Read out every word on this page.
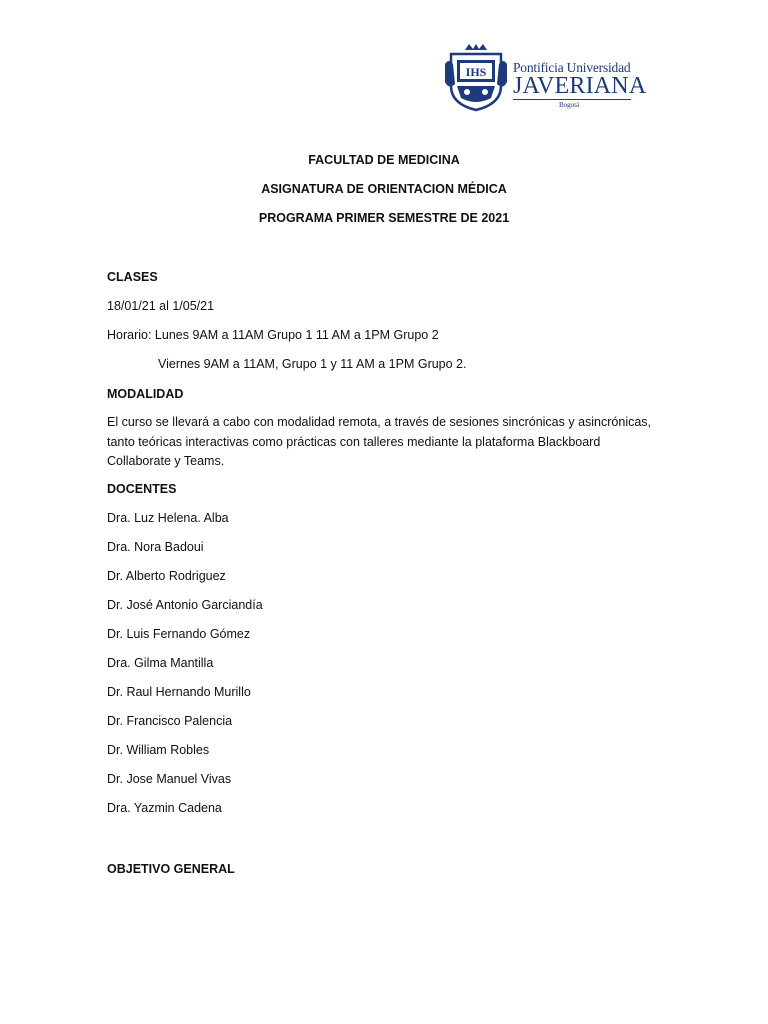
IHS Pontificia Universidad
JAVERIANA
Bogotá
FACULTAD DE MEDICINA
ASIGNATURA DE ORIENTACION MÉDICA
PROGRAMA PRIMER SEMESTRE DE 2021
CLASES
18/01/21 al 1/05/21
Horario: Lunes 9AM a 11AM Grupo 1 11 AM a 1PM Grupo 2
Viernes 9AM a 11AM, Grupo 1 y 11 AM a 1PM Grupo 2.
MODALIDAD
El curso se llevará a cabo con modalidad remota, a través de sesiones sincrónicas y asincrónicas, tanto teóricas interactivas como prácticas con talleres mediante la plataforma Blackboard Collaborate y Teams.
DOCENTES
Dra. Luz Helena. Alba
Dra. Nora Badoui
Dr. Alberto Rodriguez
Dr. José Antonio Garciandía
Dr. Luis Fernando Gómez
Dra. Gilma Mantilla
Dr. Raul Hernando Murillo
Dr. Francisco Palencia
Dr. William Robles
Dr. Jose Manuel Vivas
Dra. Yazmin Cadena
OBJETIVO GENERAL
